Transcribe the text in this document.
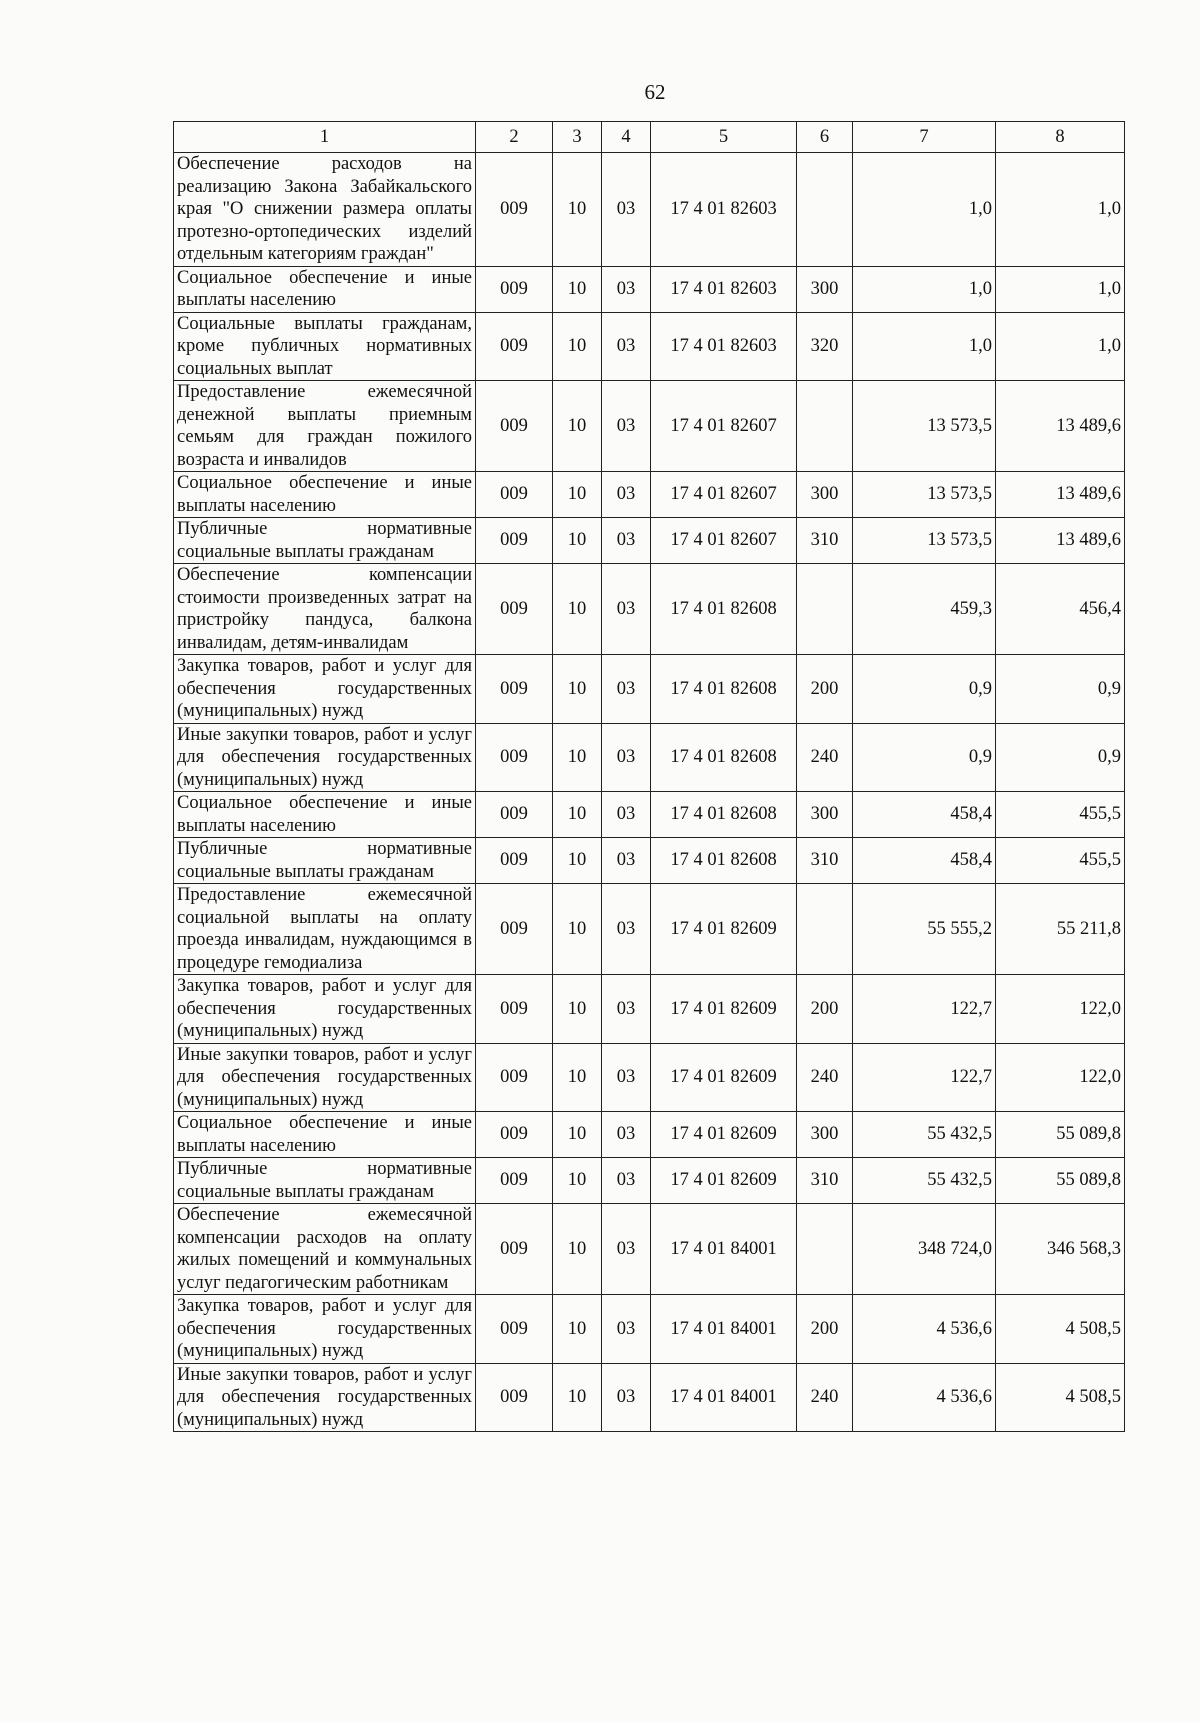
62
1	2	3	4	5	6	7	8
Обеспечение расходов на реализацию Закона Забайкальского края "О снижении размера оплаты протезно-ортопедических изделий отдельным категориям граждан"	009	10	03	17 4 01 82603		1,0	1,0
Социальное обеспечение и иные выплаты населению	009	10	03	17 4 01 82603	300	1,0	1,0
Социальные выплаты гражданам, кроме публичных нормативных социальных выплат	009	10	03	17 4 01 82603	320	1,0	1,0
Предоставление ежемесячной денежной выплаты приемным семьям для граждан пожилого возраста и инвалидов	009	10	03	17 4 01 82607		13 573,5	13 489,6
Социальное обеспечение и иные выплаты населению	009	10	03	17 4 01 82607	300	13 573,5	13 489,6
Публичные нормативные социальные выплаты гражданам	009	10	03	17 4 01 82607	310	13 573,5	13 489,6
Обеспечение компенсации стоимости произведенных затрат на пристройку пандуса, балкона инвалидам, детям-инвалидам	009	10	03	17 4 01 82608		459,3	456,4
Закупка товаров, работ и услуг для обеспечения государственных (муниципальных) нужд	009	10	03	17 4 01 82608	200	0,9	0,9
Иные закупки товаров, работ и услуг для обеспечения государственных (муниципальных) нужд	009	10	03	17 4 01 82608	240	0,9	0,9
Социальное обеспечение и иные выплаты населению	009	10	03	17 4 01 82608	300	458,4	455,5
Публичные нормативные социальные выплаты гражданам	009	10	03	17 4 01 82608	310	458,4	455,5
Предоставление ежемесячной социальной выплаты на оплату проезда инвалидам, нуждающимся в процедуре гемодиализа	009	10	03	17 4 01 82609		55 555,2	55 211,8
Закупка товаров, работ и услуг для обеспечения государственных (муниципальных) нужд	009	10	03	17 4 01 82609	200	122,7	122,0
Иные закупки товаров, работ и услуг для обеспечения государственных (муниципальных) нужд	009	10	03	17 4 01 82609	240	122,7	122,0
Социальное обеспечение и иные выплаты населению	009	10	03	17 4 01 82609	300	55 432,5	55 089,8
Публичные нормативные социальные выплаты гражданам	009	10	03	17 4 01 82609	310	55 432,5	55 089,8
Обеспечение ежемесячной компенсации расходов на оплату жилых помещений и коммунальных услуг педагогическим работникам	009	10	03	17 4 01 84001		348 724,0	346 568,3
Закупка товаров, работ и услуг для обеспечения государственных (муниципальных) нужд	009	10	03	17 4 01 84001	200	4 536,6	4 508,5
Иные закупки товаров, работ и услуг для обеспечения государственных (муниципальных) нужд	009	10	03	17 4 01 84001	240	4 536,6	4 508,5
